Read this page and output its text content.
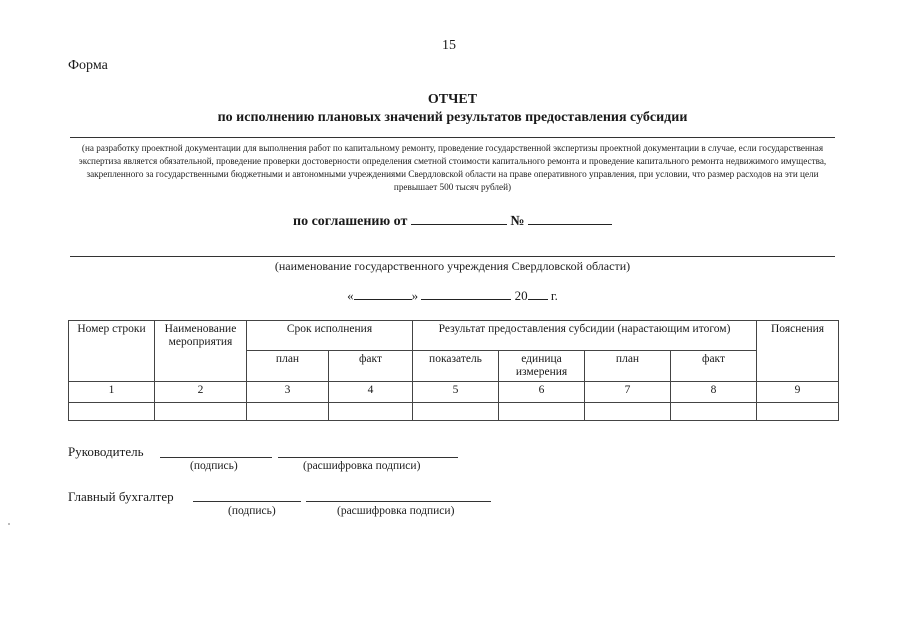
15
Форма
ОТЧЕТ
по исполнению плановых значений результатов предоставления субсидии
(на разработку проектной документации для выполнения работ по капитальному ремонту, проведение государственной экспертизы проектной документации в случае, если государственная экспертиза является обязательной, проведение проверки достоверности определения сметной стоимости капитального ремонта и проведение капитального ремонта недвижимого имущества, закрепленного за государственными бюджетными и автономными учреждениями Свердловской области на праве оперативного управления, при условии, что размер расходов на эти цели превышает 500 тысяч рублей)
по соглашению от	№
(наименование государственного учреждения Свердловской области)
«	»	20 г.
Номер строки	Наименование мероприятия	Срок исполнения		Результат предоставления субсидии (нарастающим итогом)				Пояснения
		план	факт	показатель	единица измерения	план	факт	
1	2	3	4	5	6	7	8	9

Руководитель
(подпись)	(расшифровка подписи)
Главный бухгалтер
(подпись)	(расшифровка подписи)
